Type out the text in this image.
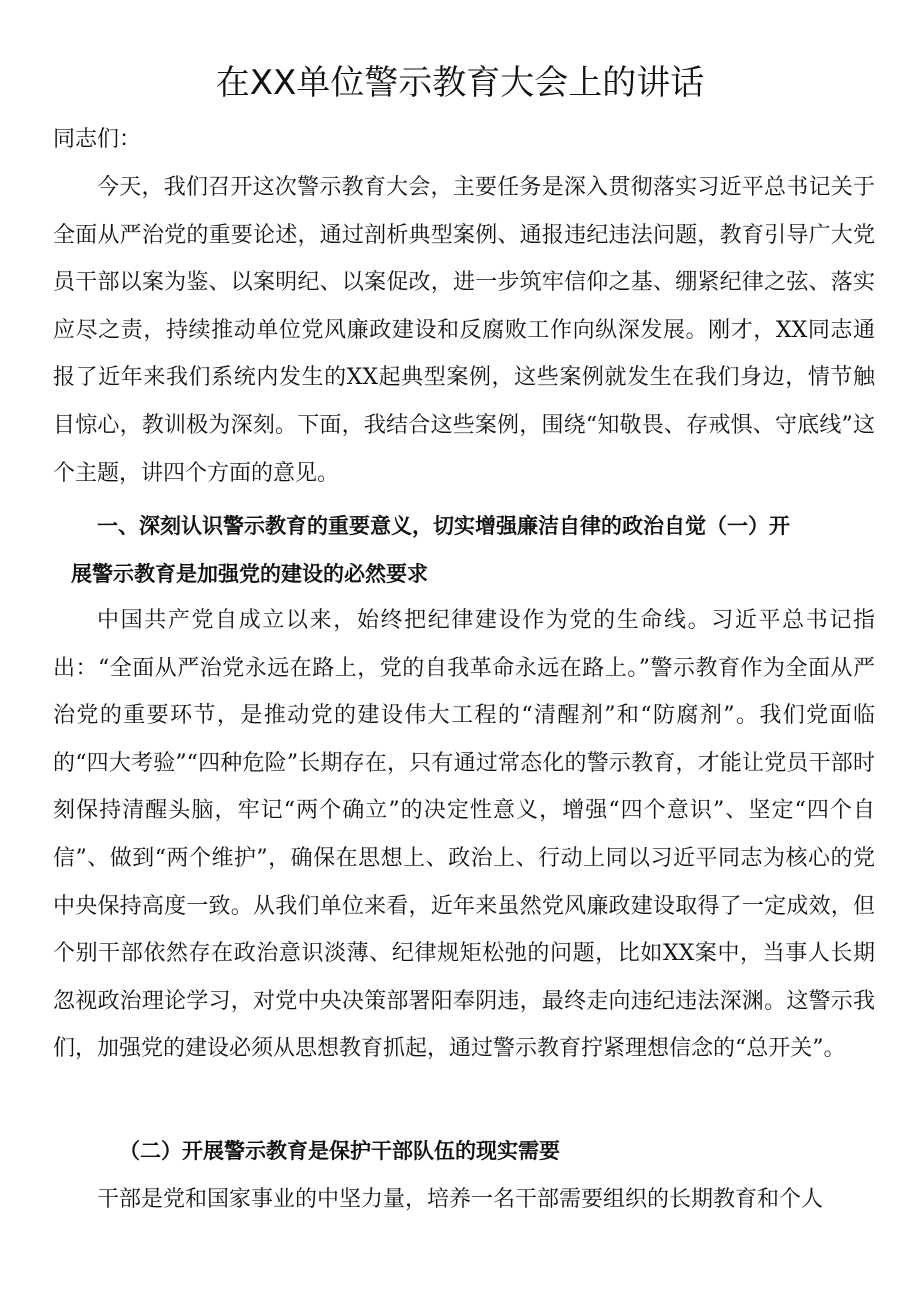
在XX单位警示教育大会上的讲话

同志们：

今天，我们召开这次警示教育大会，主要任务是深入贯彻落实习近平总书记关于全面从严治党的重要论述，通过剖析典型案例、通报违纪违法问题，教育引导广大党员干部以案为鉴、以案明纪、以案促改，进一步筑牢信仰之基、绷紧纪律之弦、落实应尽之责，持续推动单位党风廉政建设和反腐败工作向纵深发展。刚才，XX同志通报了近年来我们系统内发生的XX起典型案例，这些案例就发生在我们身边，情节触目惊心，教训极为深刻。下面，我结合这些案例，围绕“知敬畏、存戒惧、守底线”这个主题，讲四个方面的意见。

一、深刻认识警示教育的重要意义，切实增强廉洁自律的政治自觉（一）开
展警示教育是加强党的建设的必然要求

中国共产党自成立以来，始终把纪律建设作为党的生命线。习近平总书记指出：“全面从严治党永远在路上，党的自我革命永远在路上。”警示教育作为全面从严治党的重要环节，是推动党的建设伟大工程的“清醒剂”和“防腐剂”。我们党面临的“四大考验”“四种危险”长期存在，只有通过常态化的警示教育，才能让党员干部时刻保持清醒头脑，牢记“两个确立”的决定性意义，增强“四个意识”、坚定“四个自信”、做到“两个维护”，确保在思想上、政治上、行动上同以习近平同志为核心的党中央保持高度一致。从我们单位来看，近年来虽然党风廉政建设取得了一定成效，但个别干部依然存在政治意识淡薄、纪律规矩松弛的问题，比如XX案中，当事人长期忽视政治理论学习，对党中央决策部署阳奉阴违，最终走向违纪违法深渊。这警示我们，加强党的建设必须从思想教育抓起，通过警示教育拧紧理想信念的“总开关”。

（二）开展警示教育是保护干部队伍的现实需要

干部是党和国家事业的中坚力量，培养一名干部需要组织的长期教育和个人
